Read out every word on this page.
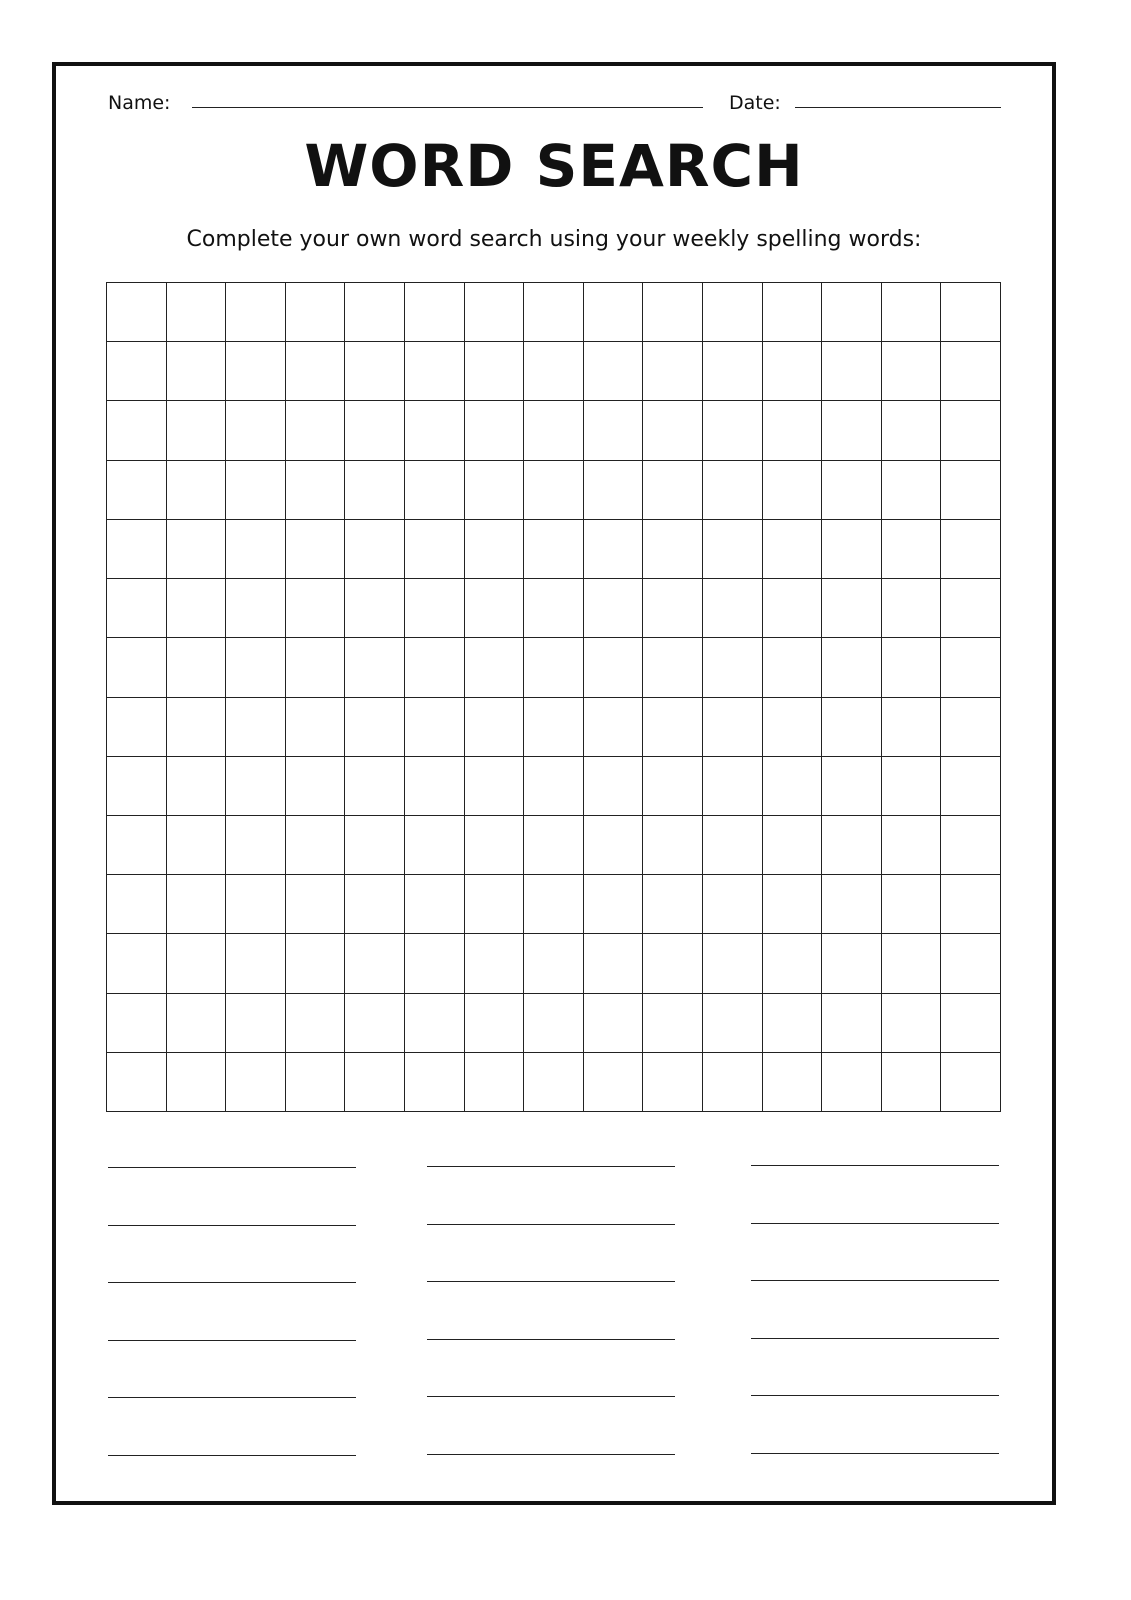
Name:	Date:
WORD SEARCH
Complete your own word search using your weekly spelling words:
